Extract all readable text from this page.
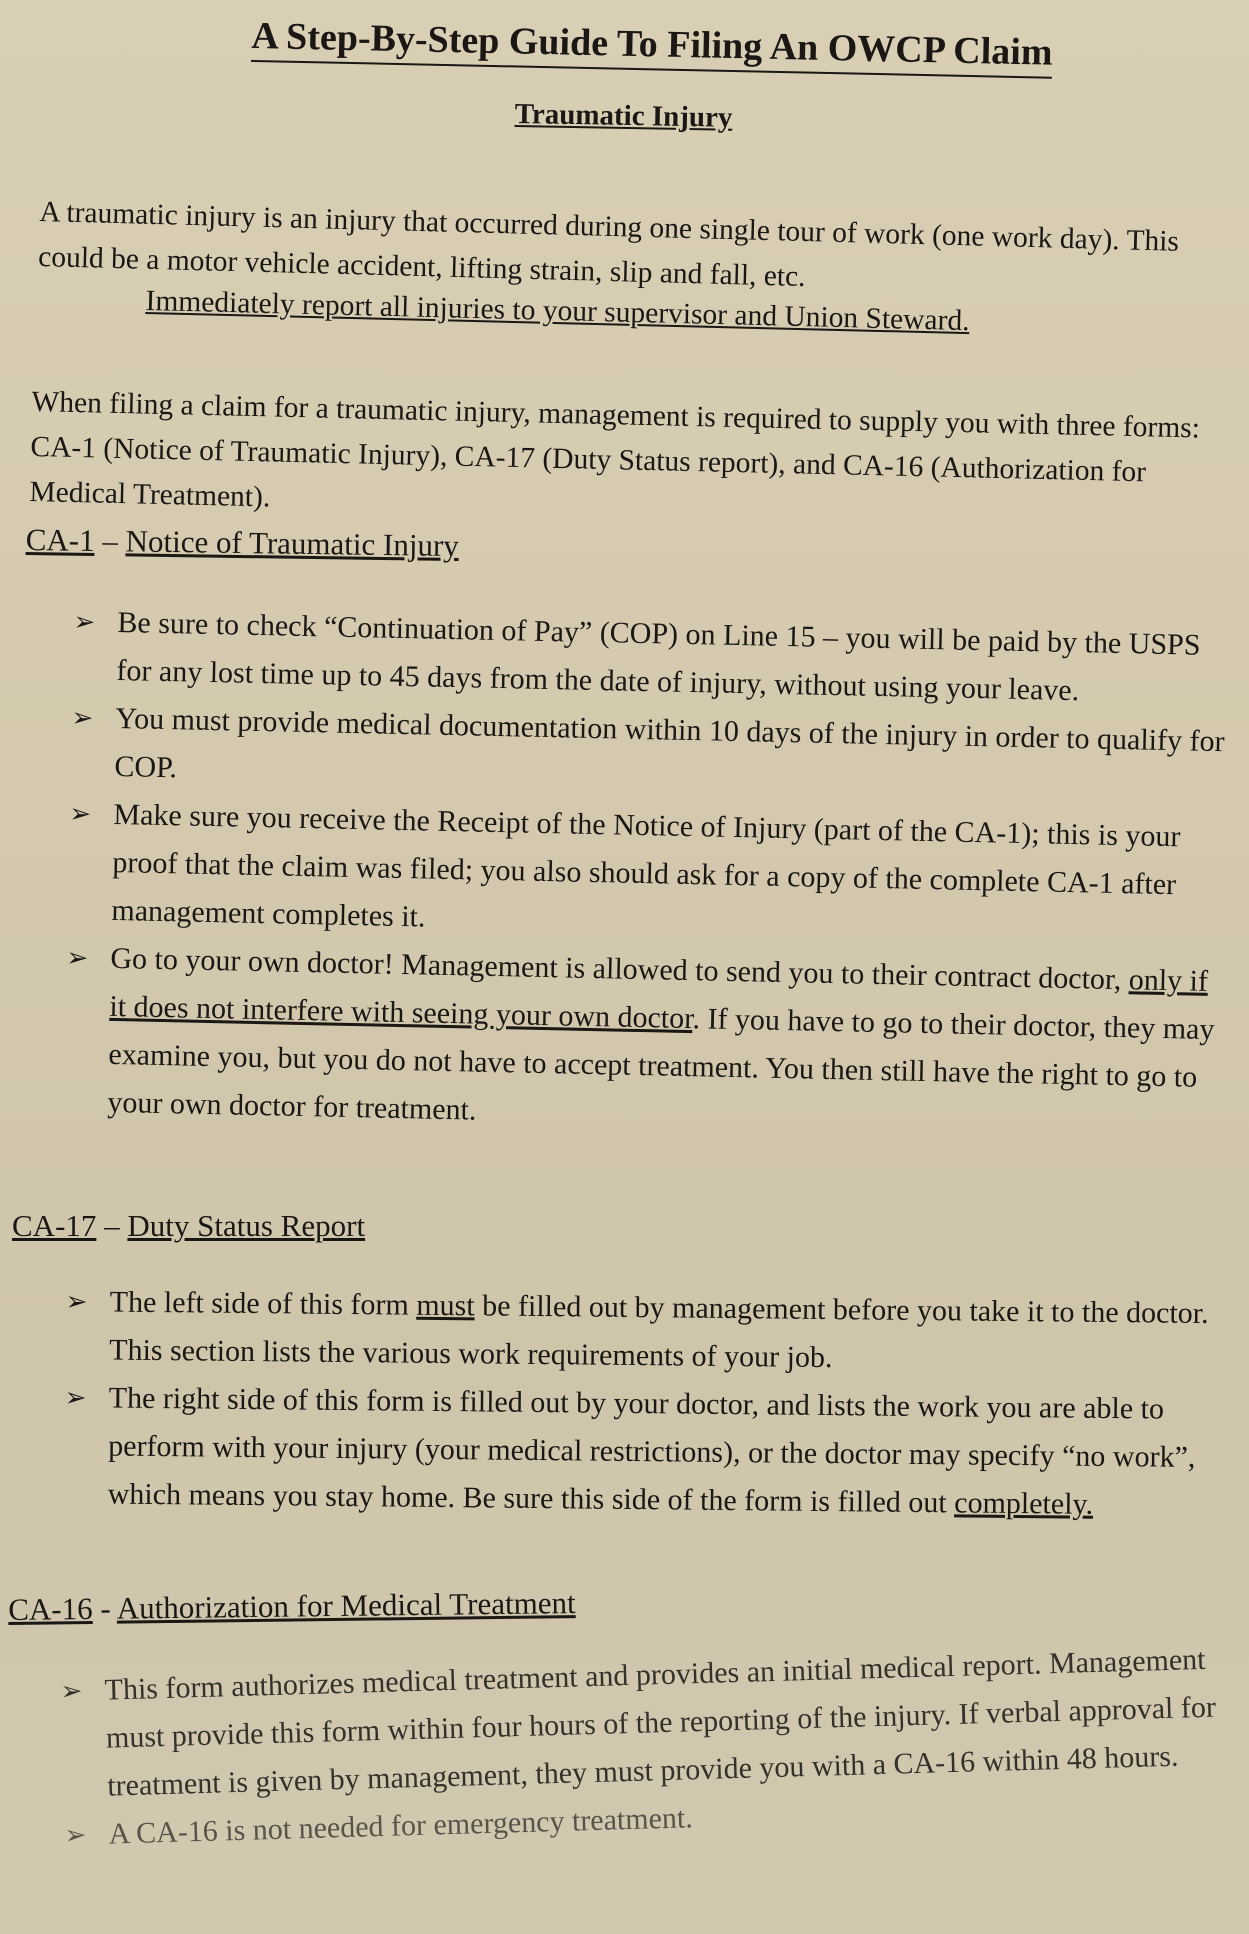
A Step-By-Step Guide To Filing An OWCP Claim
Traumatic Injury

A traumatic injury is an injury that occurred during one single tour of work (one work day). This could be a motor vehicle accident, lifting strain, slip and fall, etc.

Immediately report all injuries to your supervisor and Union Steward.

When filing a claim for a traumatic injury, management is required to supply you with three forms: CA-1 (Notice of Traumatic Injury), CA-17 (Duty Status report), and CA-16 (Authorization for Medical Treatment).

CA-1 – Notice of Traumatic Injury
➢ Be sure to check “Continuation of Pay” (COP) on Line 15 – you will be paid by the USPS for any lost time up to 45 days from the date of injury, without using your leave.
➢ You must provide medical documentation within 10 days of the injury in order to qualify for COP.
➢ Make sure you receive the Receipt of the Notice of Injury (part of the CA-1); this is your proof that the claim was filed; you also should ask for a copy of the complete CA-1 after management completes it.
➢ Go to your own doctor! Management is allowed to send you to their contract doctor, only if it does not interfere with seeing your own doctor. If you have to go to their doctor, they may examine you, but you do not have to accept treatment. You then still have the right to go to your own doctor for treatment.
CA-17 – Duty Status Report
➢ The left side of this form must be filled out by management before you take it to the doctor. This section lists the various work requirements of your job.
➢ The right side of this form is filled out by your doctor, and lists the work you are able to perform with your injury (your medical restrictions), or the doctor may specify “no work”, which means you stay home. Be sure this side of the form is filled out completely.
CA-16 - Authorization for Medical Treatment
➢ This form authorizes medical treatment and provides an initial medical report. Management must provide this form within four hours of the reporting of the injury. If verbal approval for treatment is given by management, they must provide you with a CA-16 within 48 hours.
➢ A CA-16 is not needed for emergency treatment.
